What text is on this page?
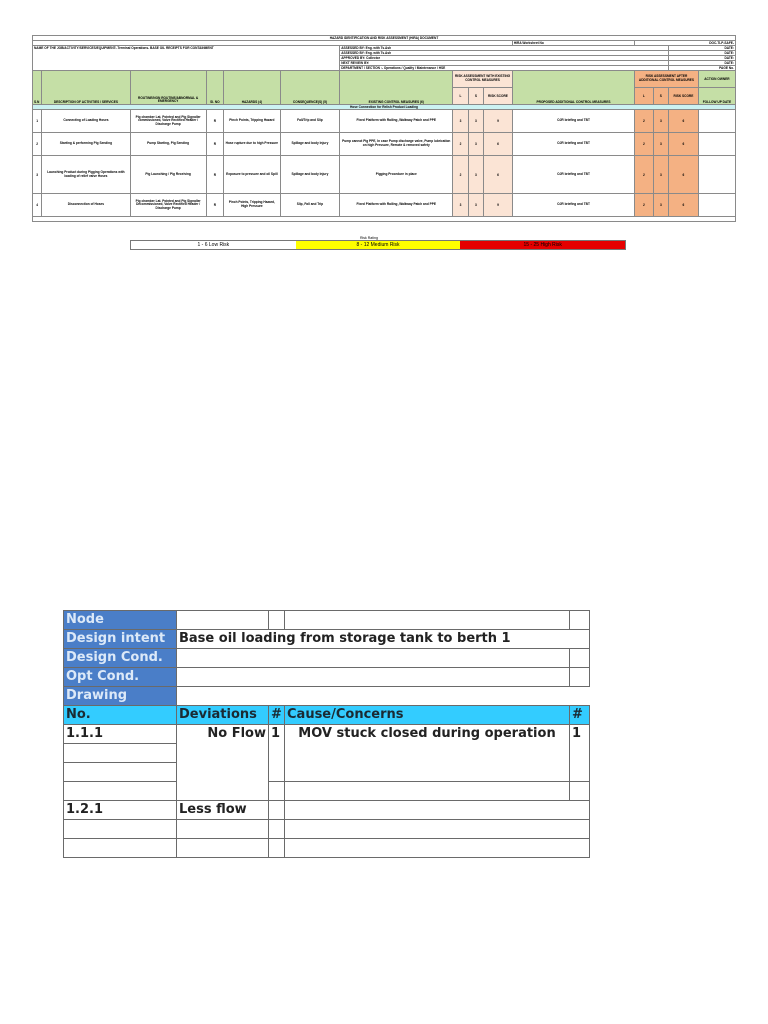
HAZARD IDENTIFICATION AND RISK ASSESSMENT (HIRA) DOCUMENT														
										HIRA Worksheet No	DOC-TLP-SAFE-			
NAME OF THE JOB/ACTIVITY/SERVICES/EQUIPMENT:-Terminal Operations- BASE OIL RECEIPTS FOR CONTAINMENT						ASSESSED BY: Eng. with Ts.Ash							DATE:	
						ASSESSED BY: Eng. with Ts.Ash							DATE:	
						APPROVED BY: Collector							DATE:	
						NEXT REVIEW BY:							DATE:	
						DEPARTMENT / SECTION :- Operations / Quality / Maintenance / HSE							PAGE No.	
S.N	DESCRIPTION OF ACTIVITIES / SERVICES	ROUTINE/NON ROUTINE/ABNORMAL & EMERGENCY	SI. NO	HAZARDS (4)	CONSEQUENCE(S) (5)	EXISTING CONTROL MEASURES (6)	RISK ASSESSMENT WITH EXISTING CONTROL MEASURES			PROPOSED ADDITIONAL CONTROL MEASURES	RISK ASSESSMENT AFTER ADDITIONAL CONTROL MEASURES			ACTION OWNER
							L	S	RISK SCORE		L	S	RISK SCORE	FOLLOW UP DATE
Hose Connection for Relish Product Loading														
1	Connecting of Loading Hoses	Pig chamber Lat. Pointed and Pig Signaller commissioned, Valve Rectified Header / Discharge Pump	R	Pinch Points, Tripping Hazard	Fall/Trip and Slip	Fixed Platform with Railing ,Walkway Patch and PPE	3	3	9	OJR briefing and TBT	2	3	6	
2	Starting & performing Pig Sending	Pump Starting, Pig Sending	R	Hose rupture due to high Pressure	Spillage and body Injury	Pump cannot Pig PPE, In case Pump discharge valve, Pump lubrication on high Pressure, Remote & removed safety	2	3	6	OJR briefing and TBT	2	3	6	
3	Launching Product during Pigging Operations with loading of relief valve Hoses	Pig Launching / Pig Receiving	R	Exposure to pressure and oil Spill	Spillage and body Injury	Pigging Procedure in place	2	3	6	OJR briefing and TBT	2	3	6	
4	Disconnection of Hoses	Pig chamber Lat. Pointed and Pig Signaller Decommissioned, Valve Rectified Header / Discharge Pump	R	Pinch Points, Tripping Hazard, High Pressure	Slip, Fall and Trip	Fixed Platform with Railing ,Walkway Patch and PPE	3	3	9	OJR briefing and TBT	2	3	6	

Risk Rating
1 - 6 Low Risk	8 - 12 Medium Risk	15 - 25 High Risk
Node				
Design intent	Base oil loading from storage tank to berth 1			
Design Cond.				
Opt Cond.				
Drawing				
No.	Deviations	#	Cause/Concerns	#
1.1.1	No Flow	1	MOV stuck closed during operation	1

1.2.1	Less flow			
